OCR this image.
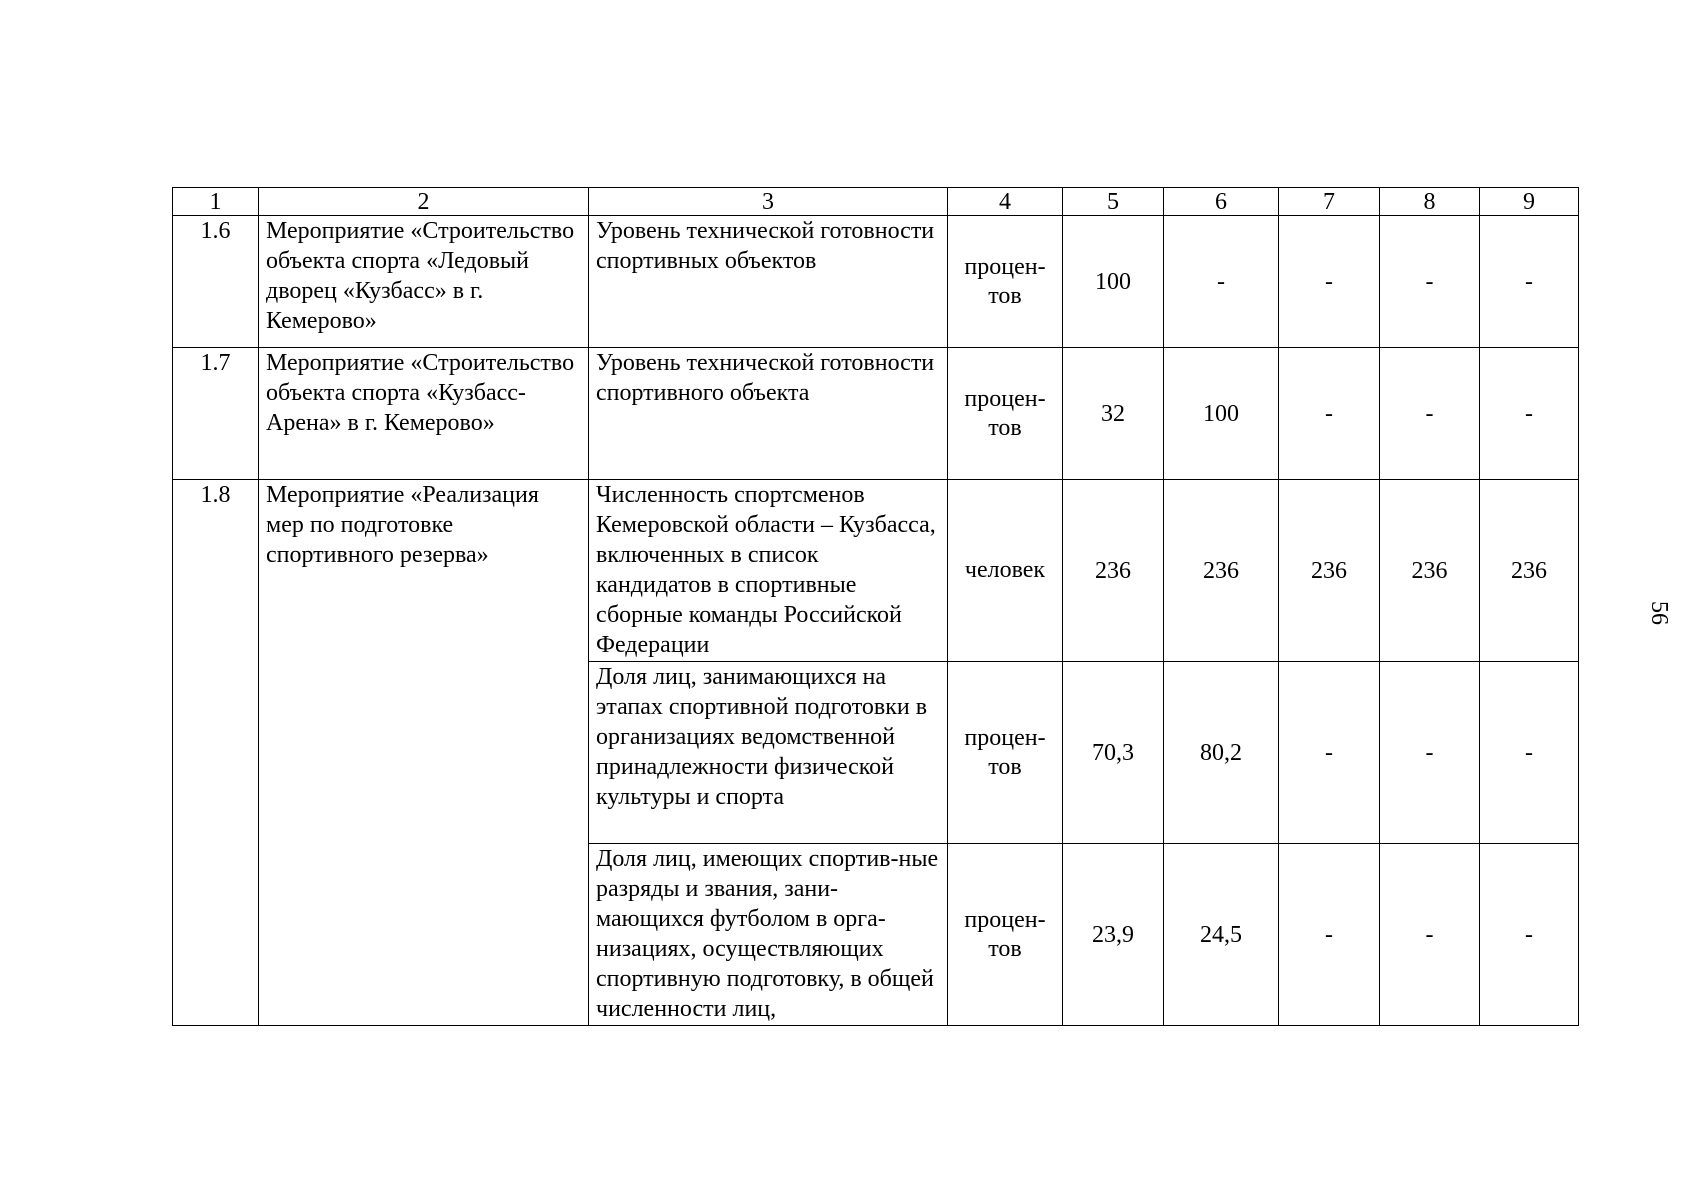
1	2	3	4	5	6	7	8	9
1.6	Мероприятие «Строительство объекта спорта «Ледовый дворец «Кузбасс» в г. Кемерово»	Уровень технической готовности спортивных объектов	процен-тов	100	-	-	-	-
1.7	Мероприятие «Строительство объекта спорта «Кузбасс-Арена» в г. Кемерово»	Уровень технической готовности спортивного объекта	процен-тов	32	100	-	-	-
1.8	Мероприятие «Реализация мер по подготовке спортивного резерва»	Численность спортсменов Кемеровской области – Кузбасса, включенных в список кандидатов в спортивные сборные команды Российской Федерации	человек	236	236	236	236	236
		Доля лиц, занимающихся на этапах спортивной подготовки в организациях ведомственной принадлежности физической культуры и спорта	процен-тов	70,3	80,2	-	-	-
		Доля лиц, имеющих спортив-ные разряды и звания, зани-мающихся футболом в орга-низациях, осуществляющих спортивную подготовку, в общей численности лиц,	процен-тов	23,9	24,5	-	-	-
56
